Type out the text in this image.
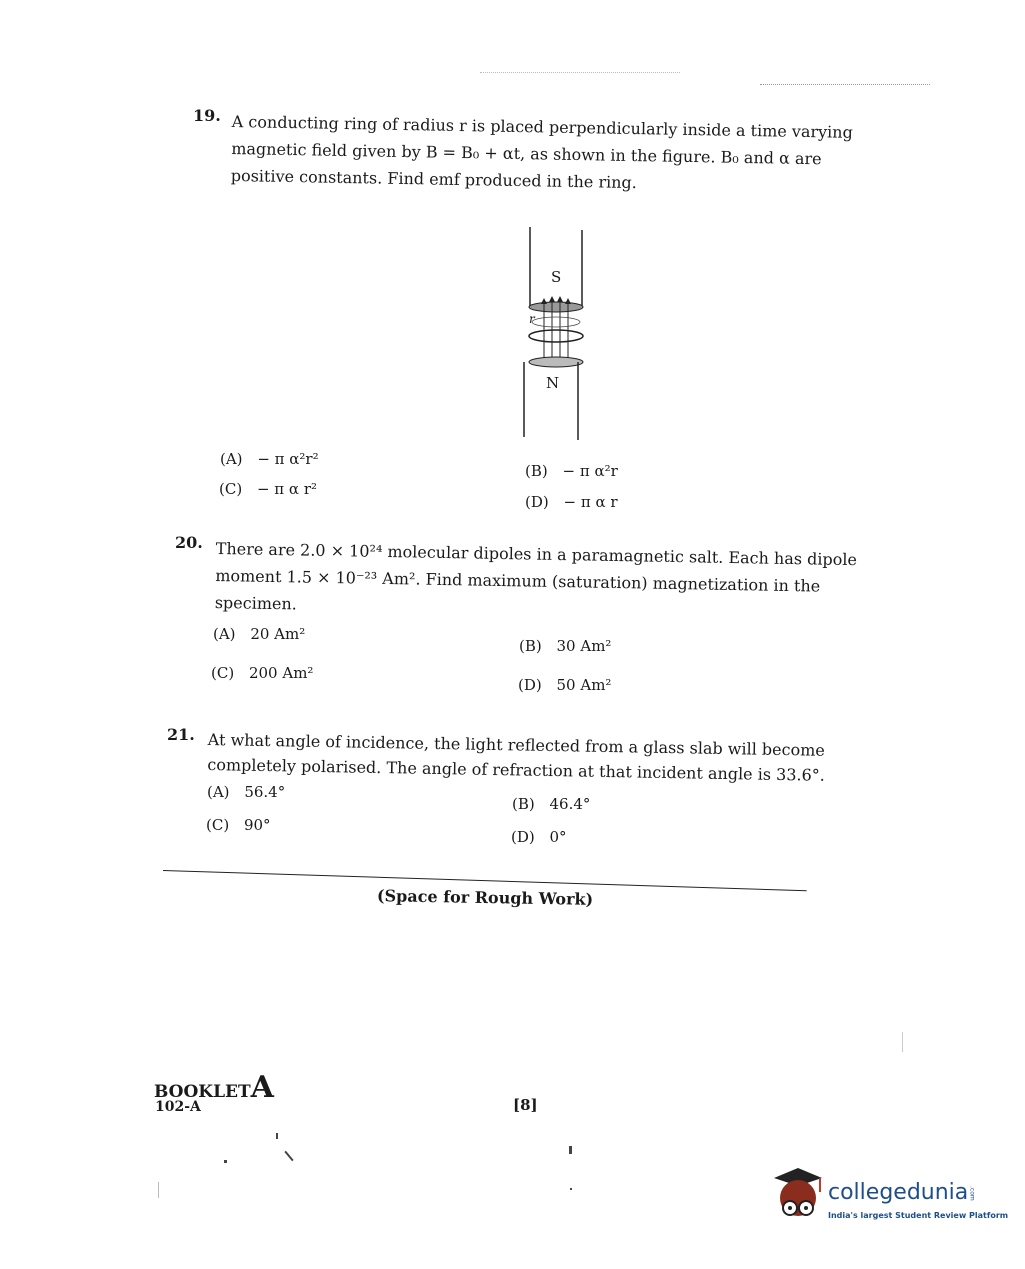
19. A conducting ring of radius r is placed perpendicularly inside a time varying
magnetic field given by B = B₀ + αt, as shown in the figure. B₀ and α are
positive constants. Find emf produced in the ring.
S
r
N
(A) − π α²r²
(B) − π α²r
(C) − π α r²
(D) − π α r
20. There are 2.0 × 10²⁴ molecular dipoles in a paramagnetic salt. Each has dipole
moment 1.5 × 10⁻²³ Am². Find maximum (saturation) magnetization in the
specimen.
(A) 20 Am²
(B) 30 Am²
(C) 200 Am²
(D) 50 Am²
21. At what angle of incidence, the light reflected from a glass slab will become
completely polarised. The angle of refraction at that incident angle is 33.6°.
(A) 56.4°
(B) 46.4°
(C) 90°
(D) 0°
(Space for Rough Work)
BOOKLETA
102-A	[8]
collegedunia.com
India's largest Student Review Platform
